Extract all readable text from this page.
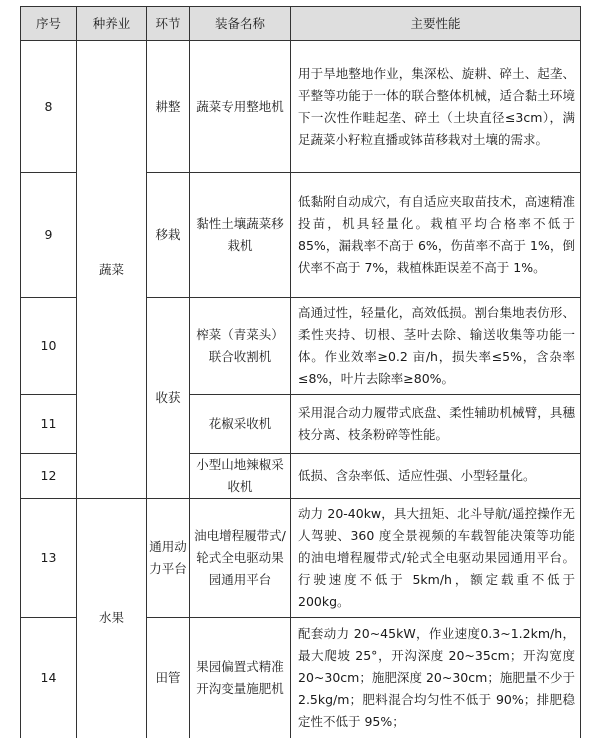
序号	种养业	环节	装备名称	主要性能
8	蔬菜	耕整	蔬菜专用整地机	用于旱地整地作业，集深松、旋耕、碎土、起垄、平整等功能于一体的联合整体机械，适合黏土环境下一次性作畦起垄、碎土（土块直径≤3cm），满足蔬菜小籽粒直播或钵苗移栽对土壤的需求。
9		移栽	黏性土壤蔬菜移栽机	低黏附自动成穴，有自适应夹取苗技术，高速精准投苗，机具轻量化。栽植平均合格率不低于 85%，漏栽率不高于 6%，伤苗率不高于 1%，倒伏率不高于 7%，栽植株距误差不高于 1%。
10		收获	榨菜（青菜头）联合收割机	高通过性，轻量化，高效低损。割台集地表仿形、柔性夹持、切根、茎叶去除、输送收集等功能一体。作业效率≥0.2 亩/h，损失率≤5%，含杂率≤8%，叶片去除率≥80%。
11			花椒采收机	采用混合动力履带式底盘、柔性辅助机械臂，具穗枝分离、枝条粉碎等性能。
12			小型山地辣椒采收机	低损、含杂率低、适应性强、小型轻量化。
13	水果	通用动力平台	油电增程履带式/轮式全电驱动果园通用平台	动力 20-40kw，具大扭矩、北斗导航/遥控操作无人驾驶、360 度全景视频的车载智能决策等功能的油电增程履带式/轮式全电驱动果园通用平台。行驶速度不低于 5km/h，额定载重不低于 200kg。
14		田管	果园偏置式精准开沟变量施肥机	配套动力 20~45kW，作业速度0.3~1.2km/h，最大爬坡 25°，开沟深度 20~35cm；开沟宽度 20~30cm；施肥深度 20~30cm；施肥量不少于 2.5kg/m；肥料混合均匀性不低于 90%；排肥稳定性不低于 95%；
